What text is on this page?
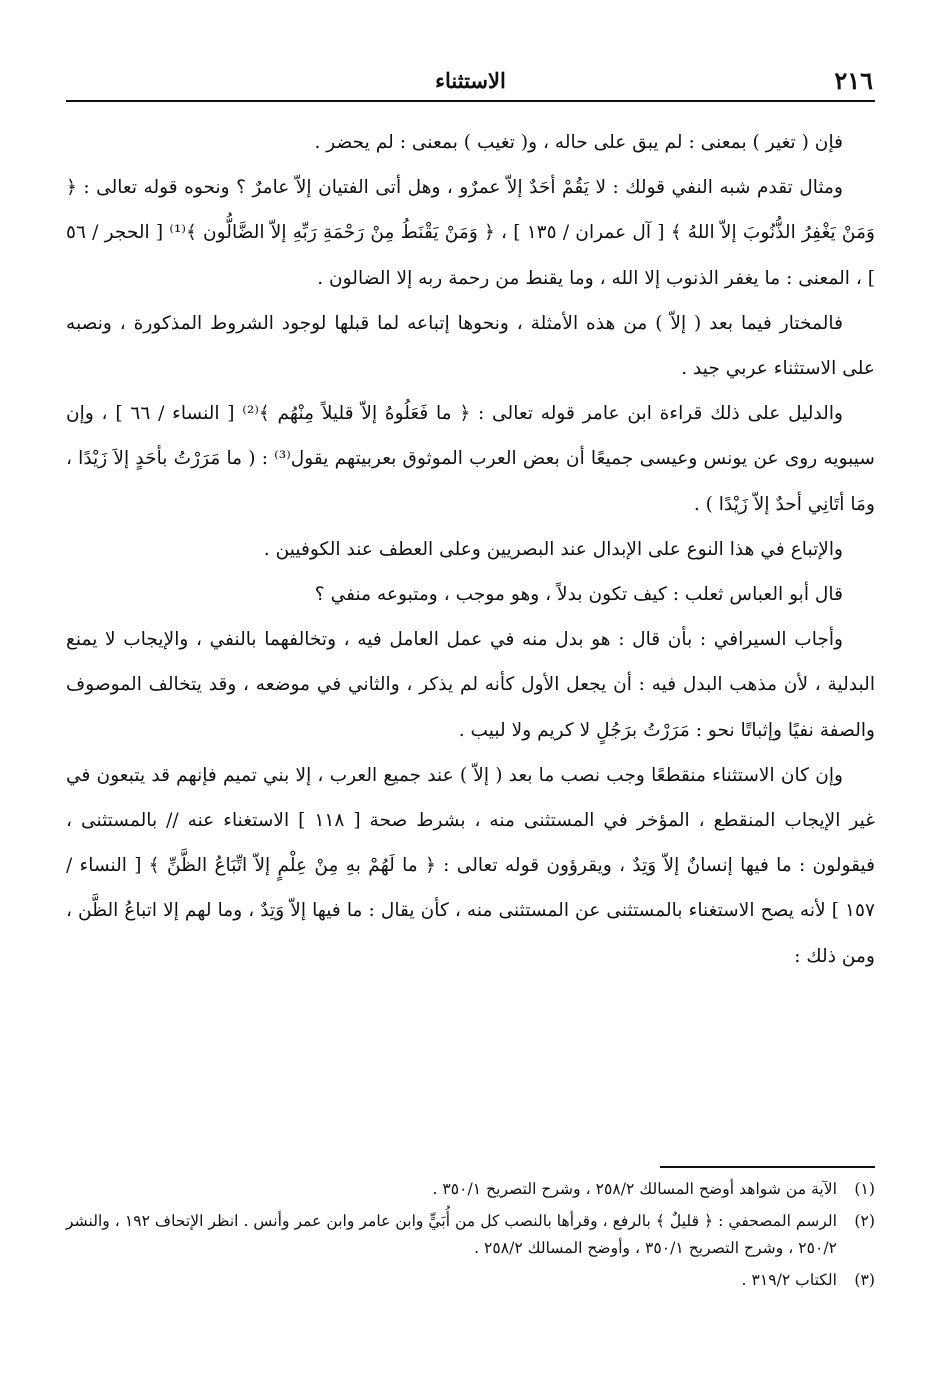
٢١٦
الاستثناء

فإن ( تغير ) بمعنى : لم يبق على حاله ، و( تغيب ) بمعنى : لم يحضر .

ومثال تقدم شبه النفي قولك : لا يَقُمْ أحَدٌ إلاّ عمرٌو ، وهل أتى الفتيان إلاّ عامرٌ ؟ ونحوه قوله تعالى : ﴿ وَمَنْ يَغْفِرُ الذُّنُوبَ إلاّ اللهُ ﴾ [ آل عمران / ١٣٥ ] ، ﴿ وَمَنْ يَقْنَطُ مِنْ رَحْمَةِ رَبِّهِ إلاّ الضَّالُّون ﴾⁽¹⁾ [ الحجر / ٥٦ ] ، المعنى : ما يغفر الذنوب إلا الله ، وما يقنط من رحمة ربه إلا الضالون .

فالمختار فيما بعد ( إلاّ ) من هذه الأمثلة ، ونحوها إتباعه لما قبلها لوجود الشروط المذكورة ، ونصبه على الاستثناء عربي جيد .

والدليل على ذلك قراءة ابن عامر قوله تعالى : ﴿ ما فَعَلُوهُ إلاّ قليلاً مِنْهُم ﴾⁽²⁾ [ النساء / ٦٦ ] ، وإن سيبويه روى عن يونس وعيسى جميعًا أن بعض العرب الموثوق بعربيتهم يقول⁽³⁾ : ( ما مَرَرْتُ بأحَدٍ إلاَ زَيْدًا ، ومَا أتَانِي أحدٌ إلاّ زَيْدًا ) .

والإتباع في هذا النوع على الإبدال عند البصريين وعلى العطف عند الكوفيين .

قال أبو العباس ثعلب : كيف تكون بدلاً ، وهو موجب ، ومتبوعه منفي ؟

وأجاب السيرافي : بأن قال : هو بدل منه في عمل العامل فيه ، وتخالفهما بالنفي ، والإيجاب لا يمنع البدلية ، لأن مذهب البدل فيه : أن يجعل الأول كأنه لم يذكر ، والثاني في موضعه ، وقد يتخالف الموصوف والصفة نفيًا وإثباتًا نحو : مَرَرْتُ برَجُلٍ لا كريم ولا لبيب .

وإن كان الاستثناء منقطعًا وجب نصب ما بعد ( إلاّ ) عند جميع العرب ، إلا بني تميم فإنهم قد يتبعون في غير الإيجاب المنقطع ، المؤخر في المستثنى منه ، بشرط صحة [ ١١٨ ] الاستغناء عنه // بالمستثنى ، فيقولون : ما فيها إنسانٌ إلاّ وَتِدٌ ، ويقرؤون قوله تعالى : ﴿ ما لَهُمْ بهِ مِنْ عِلْمٍ إلاّ اتِّبَاعُ الظَّنِّ ﴾ [ النساء / ١٥٧ ] لأنه يصح الاستغناء بالمستثنى عن المستثنى منه ، كأن يقال : ما فيها إلاّ وَتِدٌ ، وما لهم إلا اتباعُ الظَّن ، ومن ذلك :

(١)
الآية من شواهد أوضح المسالك ٢٥٨/٢ ، وشرح التصريح ٣٥٠/١ .
(٢)
الرسم المصحفي : ﴿ قليلٌ ﴾ بالرفع ، وقرأها بالنصب كل من أُبَيٍّ وابن عامر وابن عمر وأنس . انظر الإتحاف ١٩٢ ، والنشر ٢٥٠/٢ ، وشرح التصريح ٣٥٠/١ ، وأوضح المسالك ٢٥٨/٢ .
(٣)
الكتاب ٣١٩/٢ .
